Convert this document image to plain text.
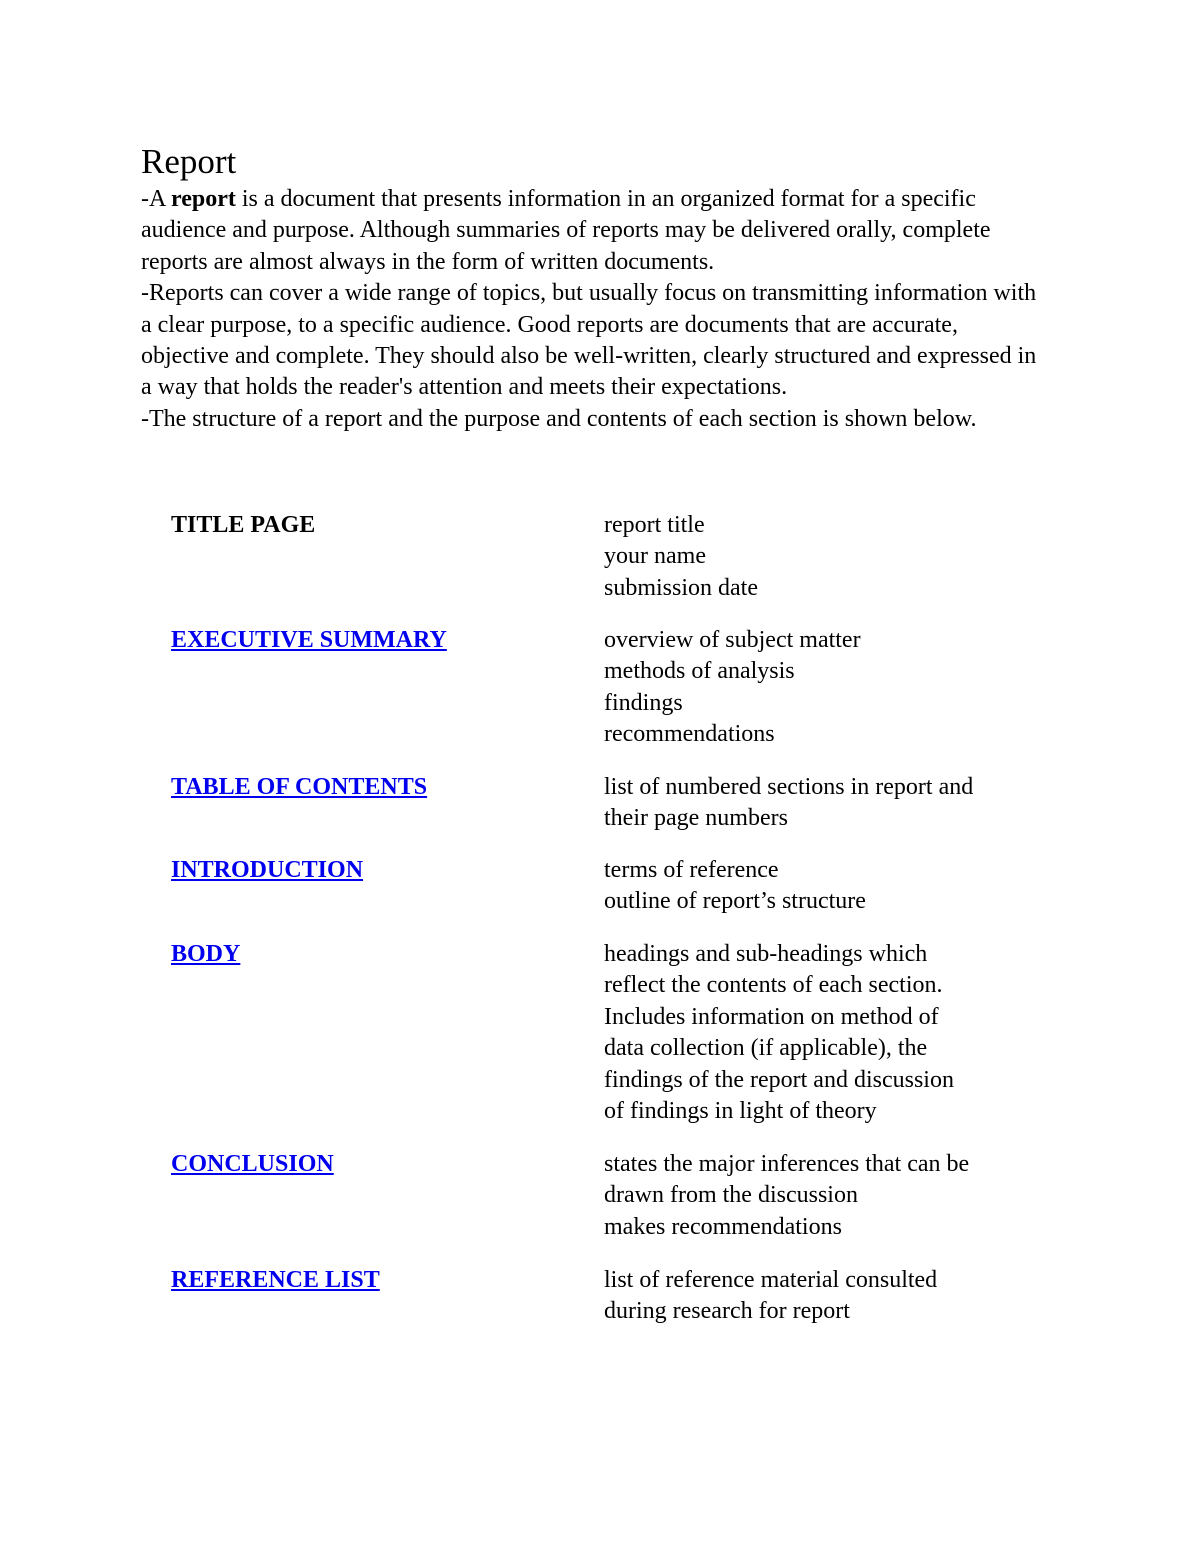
Report

-A report is a document that presents information in an organized format for a specific audience and purpose. Although summaries of reports may be delivered orally, complete reports are almost always in the form of written documents.

-Reports can cover a wide range of topics, but usually focus on transmitting information with a clear purpose, to a specific audience. Good reports are documents that are accurate, objective and complete. They should also be well-written, clearly structured and expressed in a way that holds the reader's attention and meets their expectations.

-The structure of a report and the purpose and contents of each section is shown below.

TITLE PAGE	report title
your name
submission date
EXECUTIVE SUMMARY	overview of subject matter
methods of analysis
findings
recommendations
TABLE OF CONTENTS	list of numbered sections in report and
their page numbers
INTRODUCTION	terms of reference
outline of report’s structure
BODY	headings and sub-headings which
reflect the contents of each section.
Includes information on method of
data collection (if applicable), the
findings of the report and discussion
of findings in light of theory
CONCLUSION	states the major inferences that can be
drawn from the discussion
makes recommendations
REFERENCE LIST	list of reference material consulted
during research for report
